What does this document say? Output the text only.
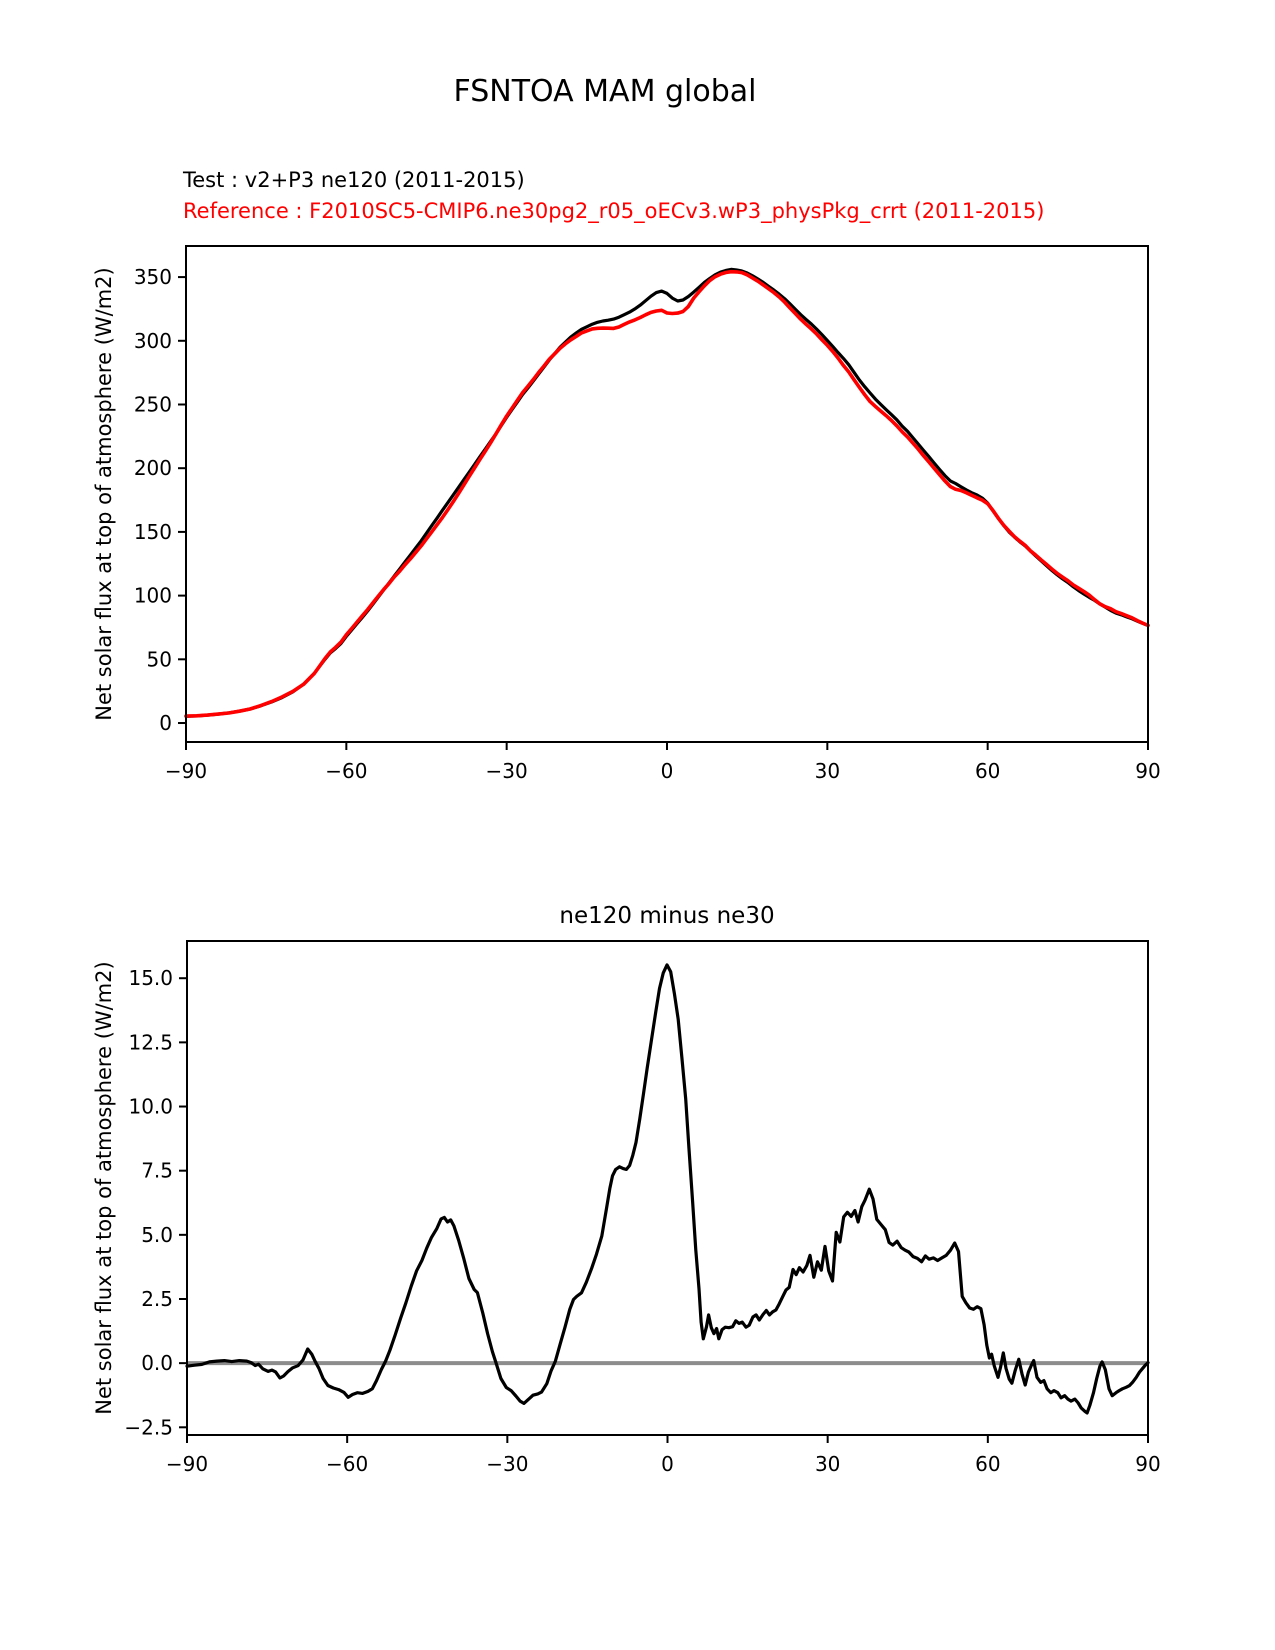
−90	−60	−30	0	30	60	90
0
50
100
150
200
250
300
350
−90	−60	−30	0	30	60	90
−2.5
0.0
2.5
5.0
7.5
10.0
12.5
15.0
FSNTOA MAM global
Test : v2+P3 ne120 (2011-2015)
Reference : F2010SC5-CMIP6.ne30pg2_r05_oECv3.wP3_physPkg_crrt (2011-2015)
Net solar flux at top of atmosphere (W/m2)
Net solar flux at top of atmosphere (W/m2)
ne120 minus ne30
